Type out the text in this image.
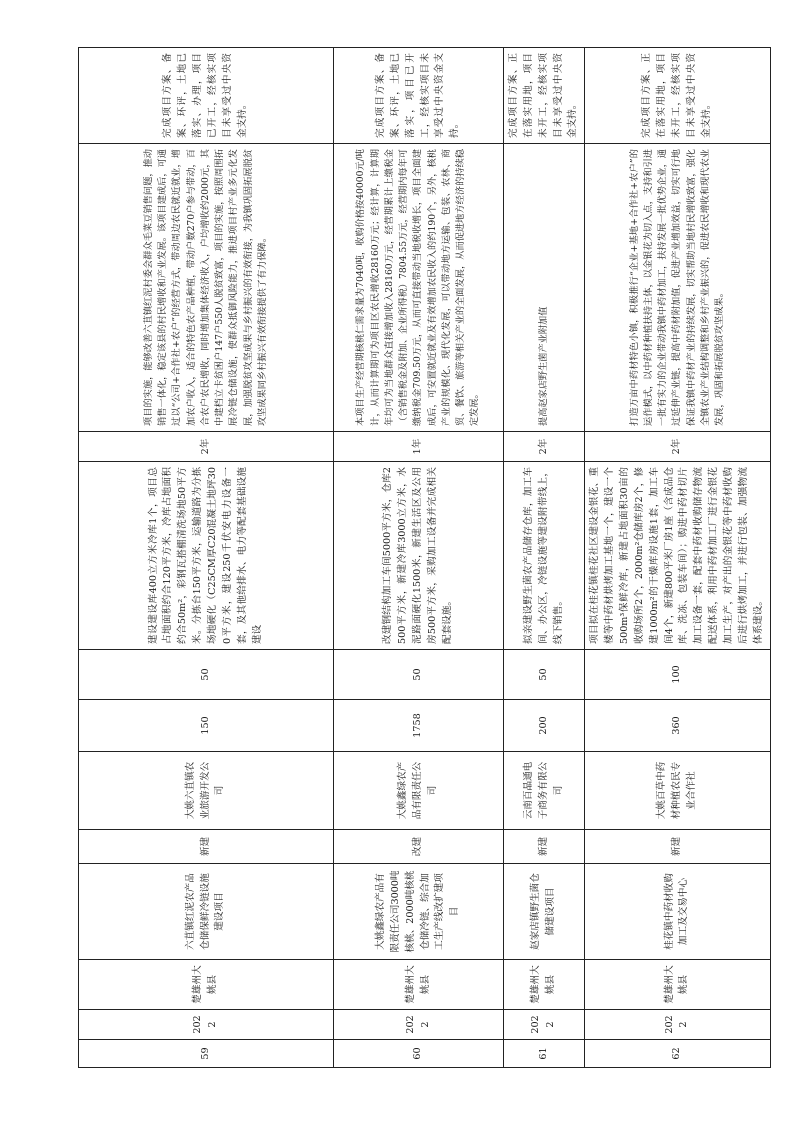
59	2022	楚雄州大姚县	六苴镇红泥农产品仓储保鲜冷链设施建设项目	新建	大姚六苴镇农业旅游开发公司	150	50	建设建设库400立方米冷库1个，项目总占地面积约合120平方米，冷库占地面积约合50m²，彩钢瓦搭棚清洗场地50平方米。分拣台150平方米，运输道路为分拣场地硬化（C25CM厚C20混凝土地坪300平方米，建设250千伏安电力设备一套，及其他给排水、电力等配套基础设施建设	2年	项目的实施，能够改善六苴镇红泥村委会群众毛菜豆销售问题，推动销售一体化，稳定该县的村民增收和产业发展。该项目建成后，可通过以“公司+合作社+农户”的经营方式，带动周边农民就近就业，增加农户收入，适合的特色农产品种植，带动户数270户参与带动，百合农户农民增收，同时增加集体经济收入，户均增收约2000元，其中建档立卡贫困户147户550人脱贫致富，项目的实施，按照周围拓展冷链仓储设施，使群众抵御风险能力，推进项目村产业多元化发展，加强脱贫攻坚成果与乡村振兴的有效衔接，为我镇巩固拓展脱贫攻坚成果同乡村振兴有效衔接提供了有力保障。	完成项目方案、备案、环评，土地已落实、办理，项目已开工，经核实项目未享受过中央资金支持。
60	2022	楚雄州大姚县	大姚鑫绿农产品有限责任公司3000吨核桃、2000吨核桃仓储冷链、综合加工生产线改扩建项目	改建	大姚鑫绿农产品有限责任公司	1758	50	改建钢结构加工车间5000平方米，仓库2500平方米，新建冷库3000立方米，水泥路面硬化1500米，新建生活区及公用房500平方米，采购加工设备并完成相关配套设施。	1年	本项目生产经营期核桃仁需求量为7040吨，收购价格按40000元/吨计，从而计算期可为项目区农民增收28160万元；经计算，计算期年均可为当地群众直接增加收入28160万元，经营期累计上缴税金（含销售税金及附加、企业所得税）7804.55万元，经营期内每年可缴纳税金709.50万元，从而可直接带动当地税收增长，项目全面建成后，可安置就近就业及有效增加农民收入的约190个，另外，核桃产业的规模化、现代化发展，可以带动地方运输、包装、农林、商贸、餐饮、旅游等相关产业的全面发展，从而促进地方经济的持续稳定发展。	完成项目方案、备案、环评，土地已落实，项目已开工，经核实项目未享受过中央资金支持。
61	2022	楚雄州大姚县	赵家店镇野生菌仓储建设项目	新建	云南百晶通电子商务有限公司	200	50	拟亲建设野生菌农产品储存仓库，加工车间、办公区，冷链设施等建设附带线上，线下销售。	2年	提高赵家店野生菌产业附加值	完成项目方案、正在落实用地，项目未开工，经核实项目未享受过中央资金支持。
62	2022	楚雄州大姚县	桂花镇中药材收购加工及交易中心	新建	大姚百草中药材种植农民专业合作社	360	100	项目拟在桂花镇桂花社区建设金银花、重楼等中药材烘烤加工基地一个，建设一个500m³保鲜冷库，新建占地面积30亩的收购场所2个，2000m²仓储库房2个，修建1000m²的干燥库房设施1套，加工车间4个，新建800平米厂房1座（含成品仓库、洗冻、包装车间）；购进中药材切片加工设备一套，配套中药材收购储存物流配送体系，利用中药材加工厂进行金银花加工生产，对产出的金银花等中药材收购后进行烘烤加工，并进行包装、加强物流体系建设。	2年	打造万亩中药材特色小镇，积极推行“企业+基地+合作社+农户”的运作模式，以中药材种植扶持主体，以金银花为切入点，支持和引进一批有实力的企业带动我镇中药材加工，扶持发展一批优势企业，通过延伸产业链，提高中药材附加值，促进产业增加效益，切实可行地保证我镇中药材产业的持续发展，切实帮助当地村民增收致富，强化全镇农业产业结构调整和乡村产业振兴的，促进农民增收和现代农业发展，巩固和拓展脱贫攻坚成果。	完成项目方案、正在落实用地，项目未开工，经核实项目未享受过中央资金支持。
